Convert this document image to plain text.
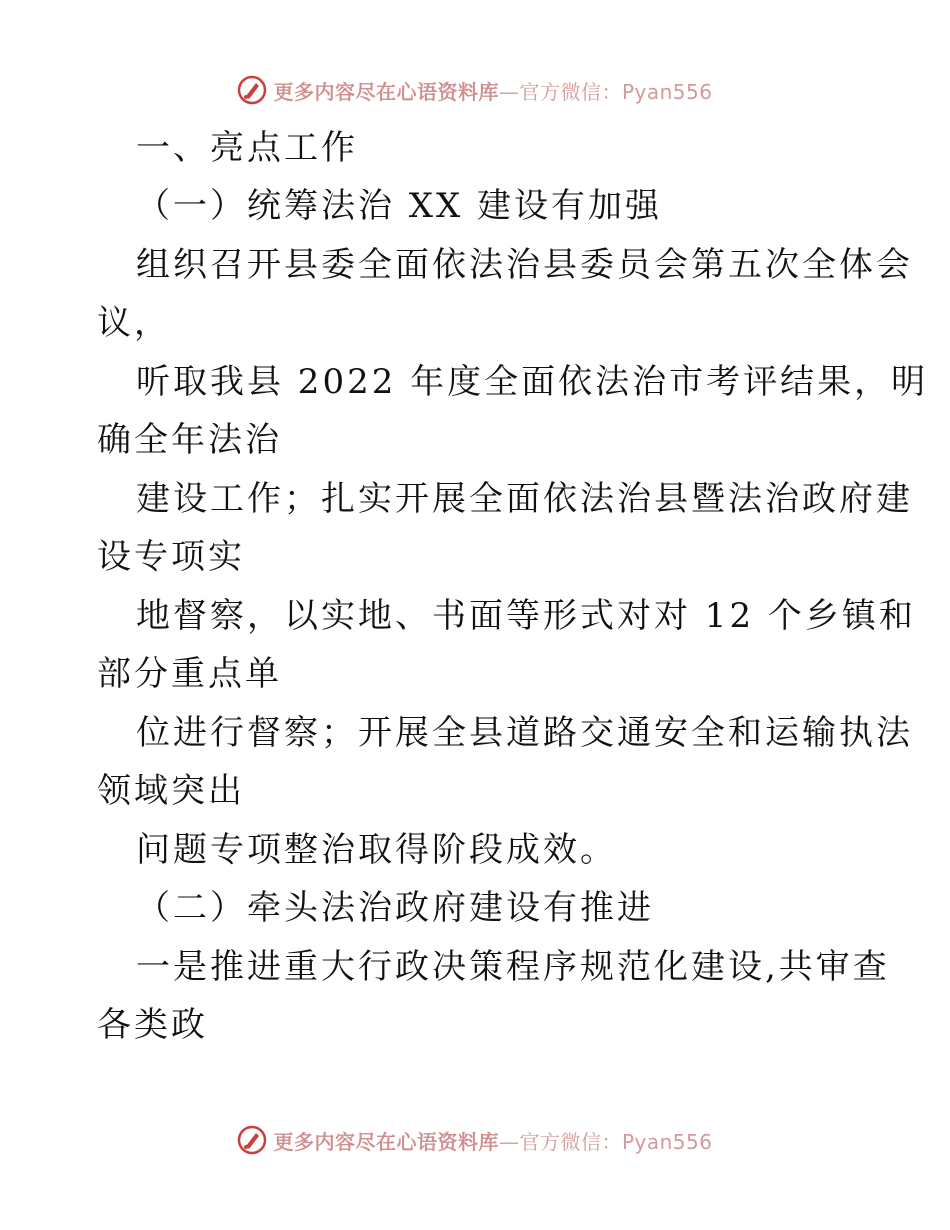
更多内容尽在心语资料库—官方微信：Pyan556
一、亮点工作
（一）统筹法治 XX 建设有加强
组织召开县委全面依法治县委员会第五次全体会
议，
听取我县 2022 年度全面依法治市考评结果，明
确全年法治
建设工作；扎实开展全面依法治县暨法治政府建
设专项实
地督察，以实地、书面等形式对对 12 个乡镇和
部分重点单
位进行督察；开展全县道路交通安全和运输执法
领域突出
问题专项整治取得阶段成效。
（二）牵头法治政府建设有推进
一是推进重大行政决策程序规范化建设,共审查
各类政
更多内容尽在心语资料库—官方微信：Pyan556
